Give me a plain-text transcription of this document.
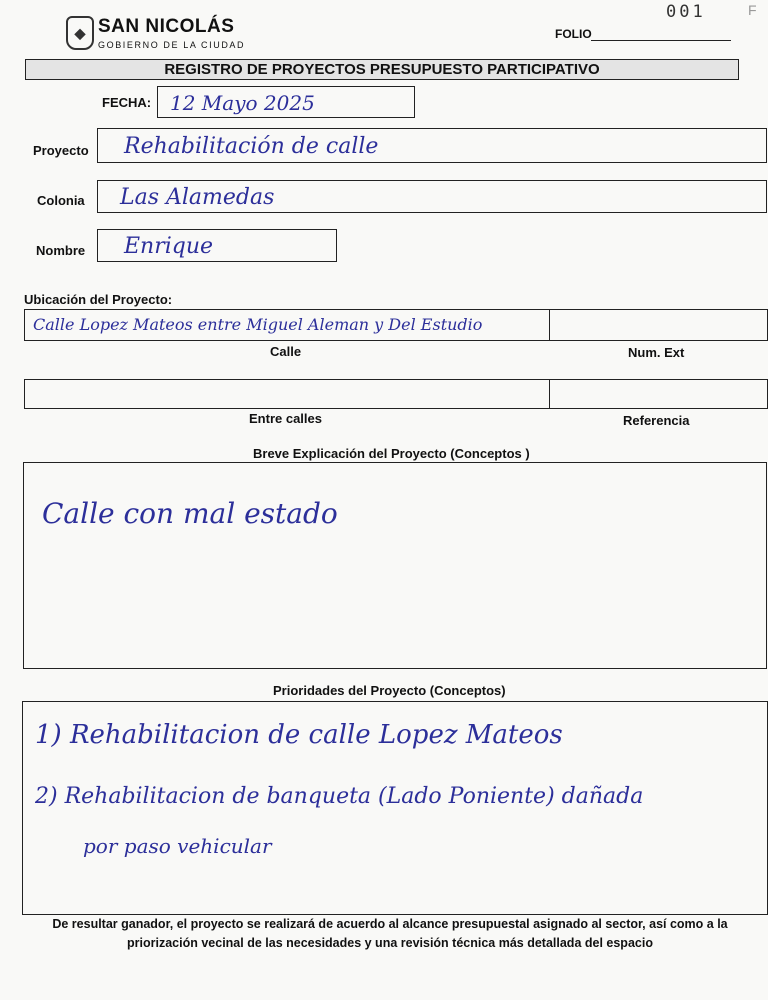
◆ SAN NICOLÁS
GOBIERNO DE LA CIUDAD
001	F
FOLIO
REGISTRO DE PROYECTOS PRESUPUESTO PARTICIPATIVO
FECHA: 12 Mayo 2025
Proyecto Rehabilitación de calle
Colonia Las Alamedas
Nombre Enrique
Ubicación del Proyecto:
Calle Lopez Mateos entre Miguel Aleman y Del Estudio
Calle	Num. Ext
Entre calles	Referencia
Breve Explicación del Proyecto (Conceptos )
Calle con mal estado
Prioridades del Proyecto (Conceptos)
1) Rehabilitacion de calle Lopez Mateos
2) Rehabilitacion de banqueta (Lado Poniente) dañada
por paso vehicular
De resultar ganador, el proyecto se realizará de acuerdo al alcance presupuestal asignado al sector, así como a la
priorización vecinal de las necesidades y una revisión técnica más detallada del espacio
